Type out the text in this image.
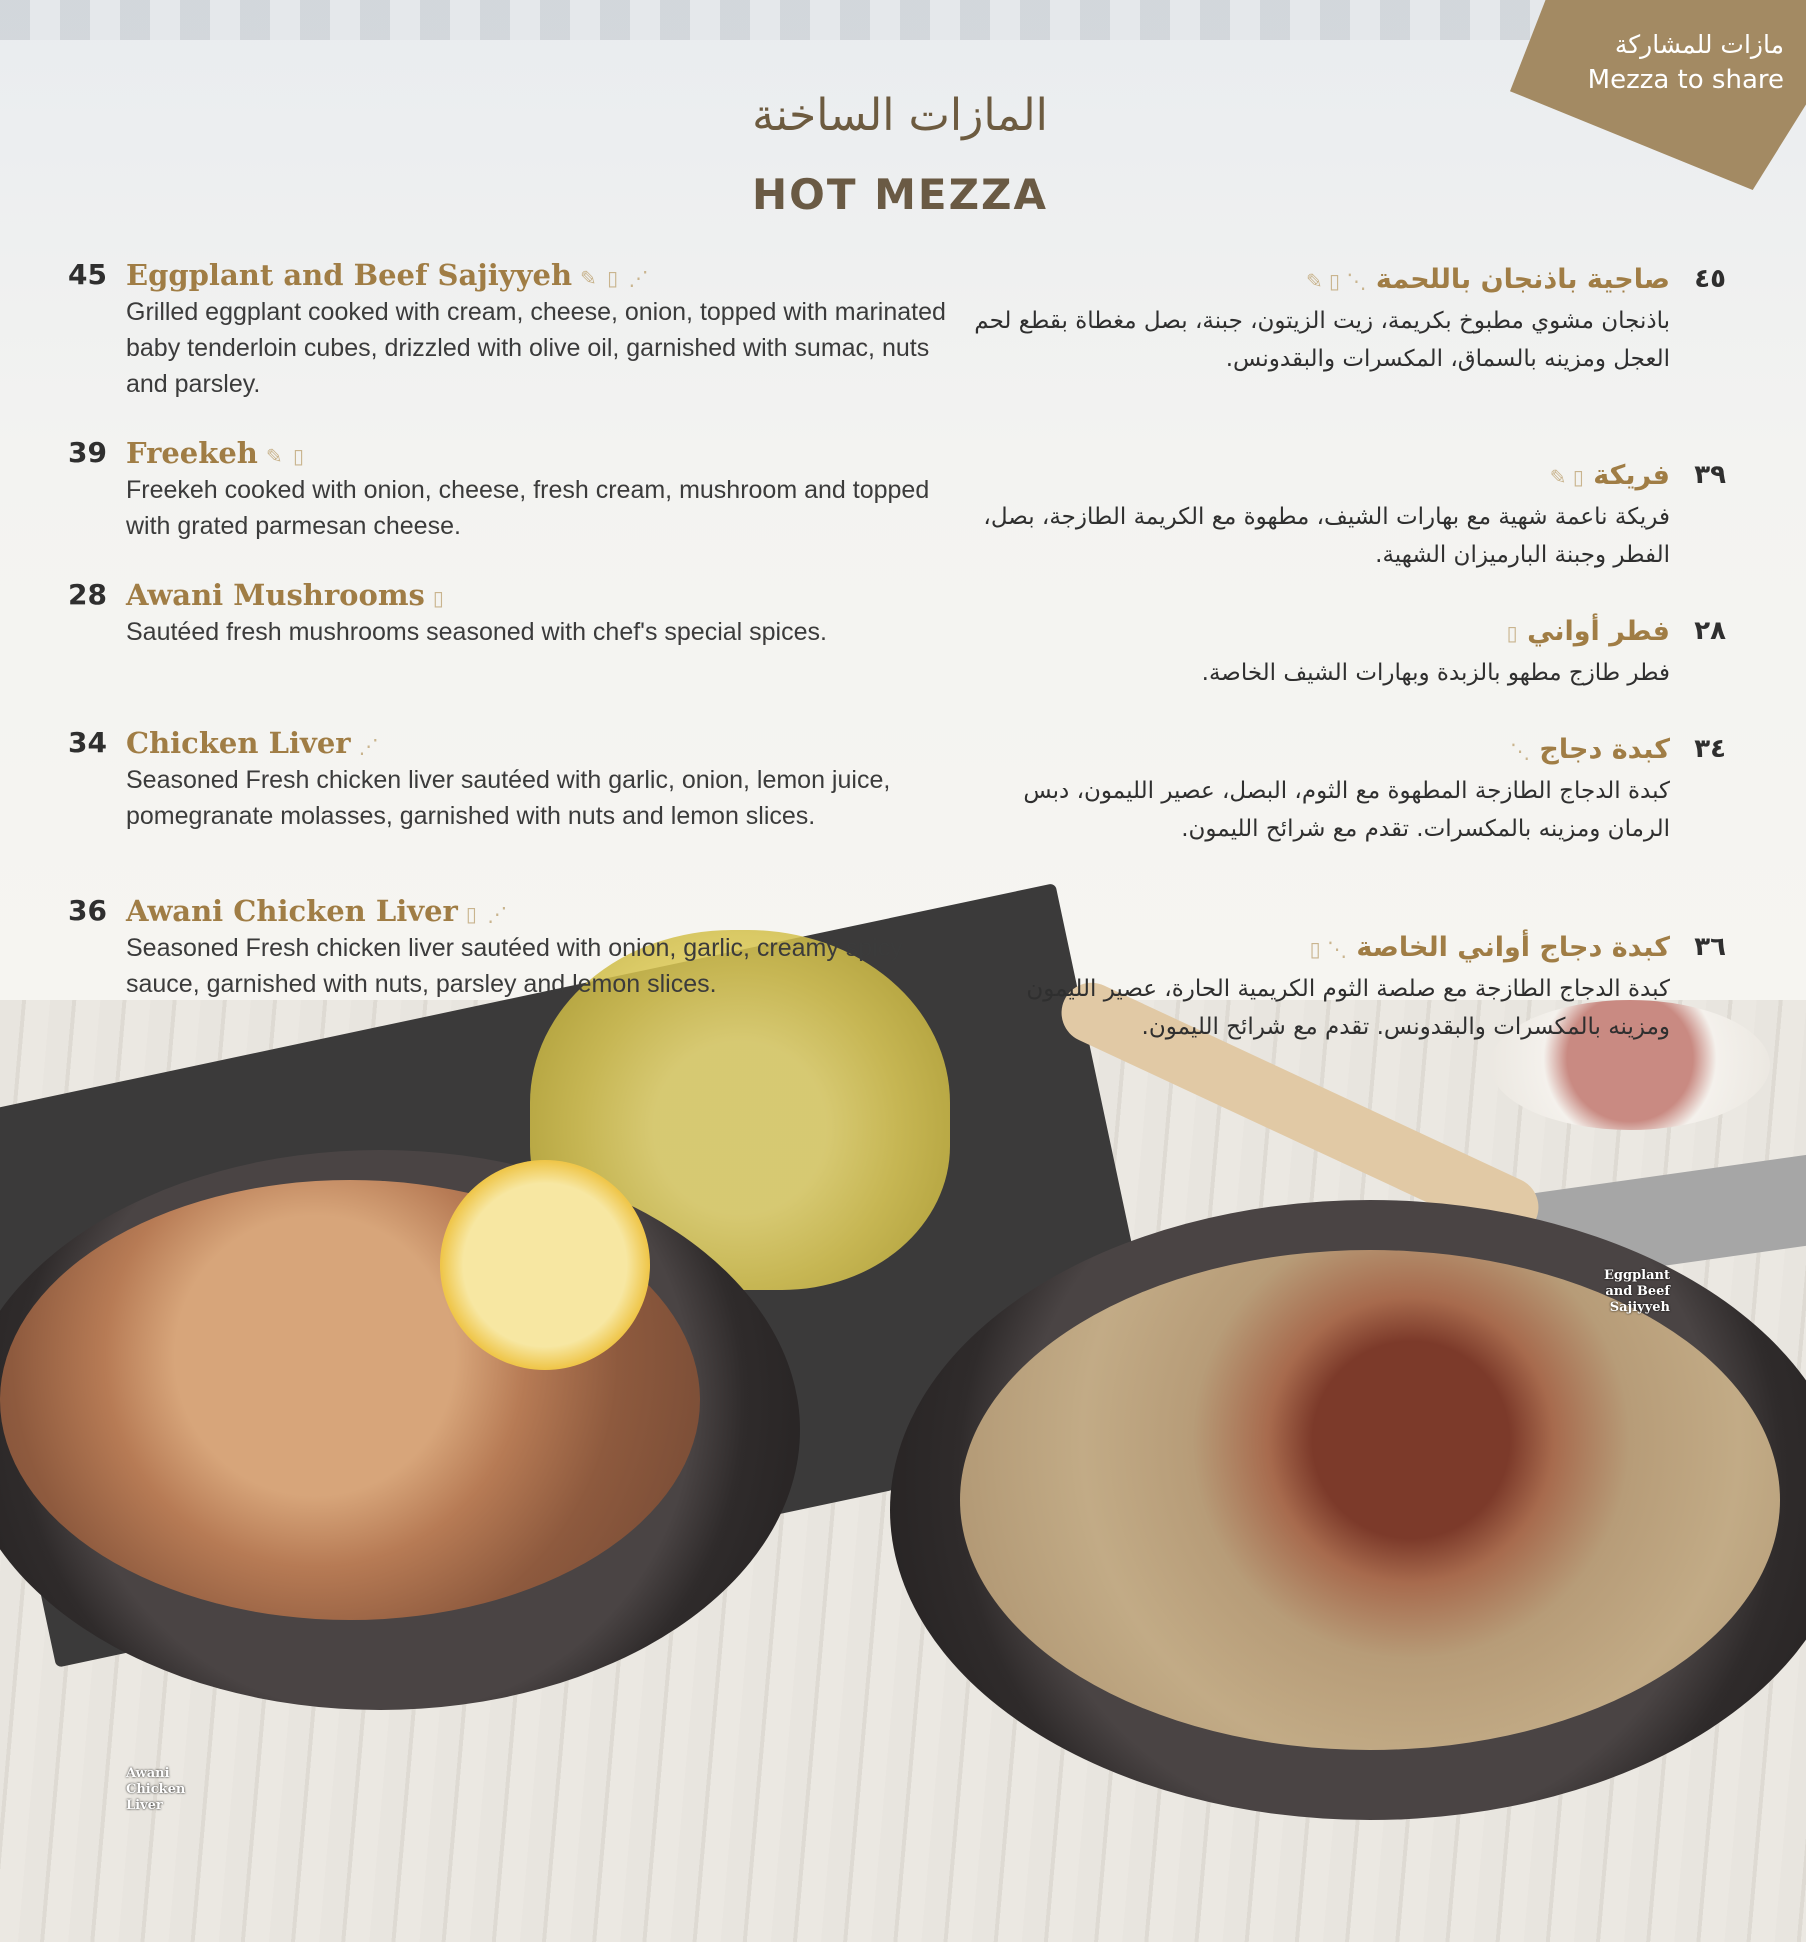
مازات للمشاركة
Mezza to share
المازات الساخنة
HOT MEZZA
45 Eggplant and Beef Sajiyyeh ✎ ▯ ⋰
Grilled eggplant cooked with cream, cheese, onion, topped with marinated baby tenderloin cubes, drizzled with olive oil, garnished with sumac, nuts and parsley.
39 Freekeh ✎ ▯
Freekeh cooked with onion, cheese, fresh cream, mushroom and topped with grated parmesan cheese.
28 Awani Mushrooms ▯
Sautéed fresh mushrooms seasoned with chef's special spices.
34 Chicken Liver ⋰
Seasoned Fresh chicken liver sautéed with garlic, onion, lemon juice, pomegranate molasses, garnished with nuts and lemon slices.
36 Awani Chicken Liver ▯ ⋰
Seasoned Fresh chicken liver sautéed with onion, garlic, creamy spicy sauce, garnished with nuts, parsley and lemon slices.
٤٥
صاجية باذنجان باللحمة ⋰ ▯ ✎
باذنجان مشوي مطبوخ بكريمة، زيت الزيتون، جبنة، بصل مغطاة بقطع لحم العجل ومزينه بالسماق، المكسرات والبقدونس.
٣٩
فريكة ▯ ✎
فريكة ناعمة شهية مع بهارات الشيف، مطهوة مع الكريمة الطازجة، بصل، الفطر وجبنة البارميزان الشهية.
٢٨
فطر أواني ▯
فطر طازج مطهو بالزبدة وبهارات الشيف الخاصة.
٣٤
كبدة دجاج ⋰
كبدة الدجاج الطازجة المطهوة مع الثوم، البصل، عصير الليمون، دبس الرمان ومزينه بالمكسرات. تقدم مع شرائح الليمون.
٣٦
كبدة دجاج أواني الخاصة ⋰ ▯
كبدة الدجاج الطازجة مع صلصة الثوم الكريمية الحارة، عصير الليمون ومزينه بالمكسرات والبقدونس. تقدم مع شرائح الليمون.
Eggplant
and Beef
Sajiyyeh
Awani
Chicken
Liver
